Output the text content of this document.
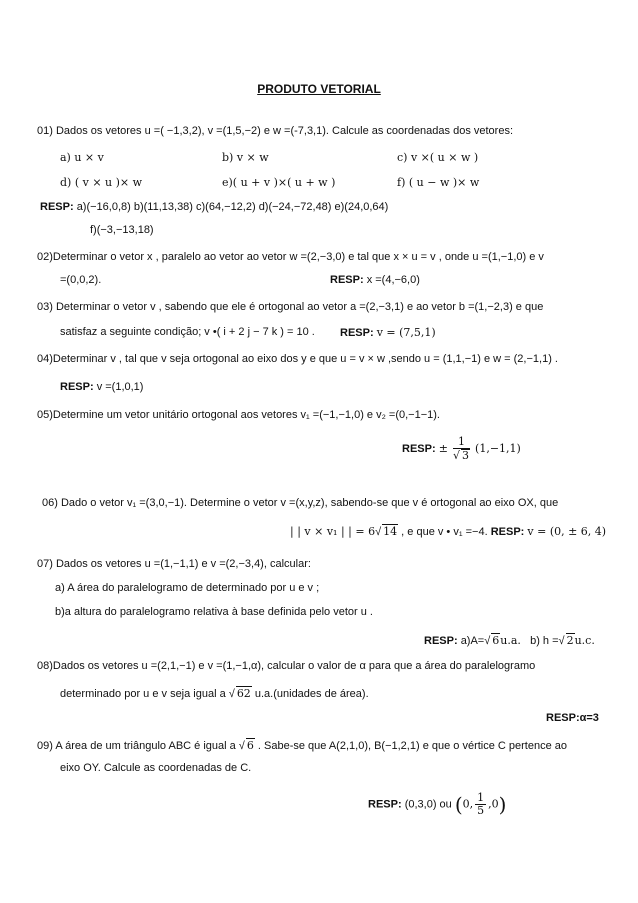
PRODUTO VETORIAL
01) Dados os vetores u =( −1,3,2), v =(1,5,−2) e w =(-7,3,1). Calcule as coordenadas dos vetores:
a) u × v	b) v × w	c) v ×( u × w )
d) ( v × u )× w	e)( u + v )×( u + w )	f) ( u − w )× w
RESP: a)(−16,0,8) b)(11,13,38) c)(64,−12,2) d)(−24,−72,48) e)(24,0,64)
f)(−3,−13,18)
02)Determinar o vetor x , paralelo ao vetor ao vetor w =(2,−3,0) e tal que x × u = v , onde u =(1,−1,0) e v
=(0,0,2).	RESP: x =(4,−6,0)
03) Determinar o vetor v , sabendo que ele é ortogonal ao vetor a =(2,−3,1) e ao vetor b =(1,−2,3) e que
satisfaz a seguinte condição; v •( i + 2 j − 7 k ) = 10 . RESP: v = (7,5,1)
04)Determinar v , tal que v seja ortogonal ao eixo dos y e que u = v × w ,sendo u = (1,1,−1) e w = (2,−1,1) .
RESP: v =(1,0,1)
05)Determine um vetor unitário ortogonal aos vetores v₁ =(−1,−1,0) e v₂ =(0,−1−1).
RESP: ± $\frac{1}{√ 3} (1,-1,1)$
06) Dado o vetor v₁ =(3,0,−1). Determine o vetor v =(x,y,z), sabendo-se que v é ortogonal ao eixo OX, que
| | v × v₁ | | = 6√ 14 , e que v • v₁ =−4. RESP: v = (0, ± 6, 4)
07) Dados os vetores u =(1,−1,1) e v =(2,−3,4), calcular:
a) A área do paralelogramo de determinado por u e v ;
b)a altura do paralelogramo relativa à base definida pelo vetor u .
RESP: a)A=√ 6u.a. b) h =√ 2u.c.
08)Dados os vetores u =(2,1,−1) e v =(1,−1,α), calcular o valor de α para que a área do paralelogramo
determinado por u e v seja igual a √ 62 u.a.(unidades de área).
RESP:α=3
09) A área de um triângulo ABC é igual a √ 6 . Sabe-se que A(2,1,0), B(−1,2,1) e que o vértice C pertence ao
eixo OY. Calcule as coordenadas de C.
RESP: (0,3,0) ou (0, $\frac{1}{5} ,0$)
